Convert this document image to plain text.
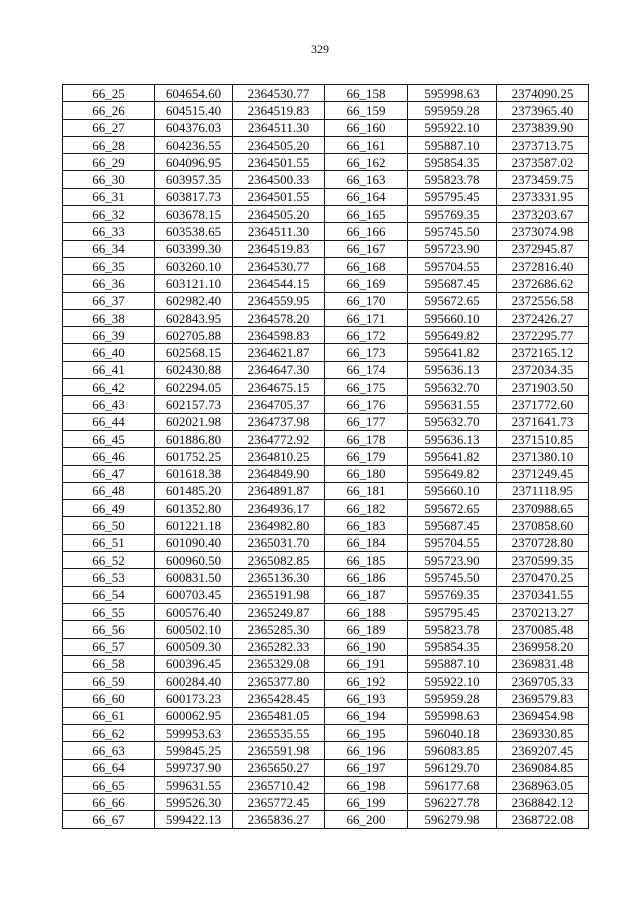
329
66_25	604654.60	2364530.77	66_158	595998.63	2374090.25
66_26	604515.40	2364519.83	66_159	595959.28	2373965.40
66_27	604376.03	2364511.30	66_160	595922.10	2373839.90
66_28	604236.55	2364505.20	66_161	595887.10	2373713.75
66_29	604096.95	2364501.55	66_162	595854.35	2373587.02
66_30	603957.35	2364500.33	66_163	595823.78	2373459.75
66_31	603817.73	2364501.55	66_164	595795.45	2373331.95
66_32	603678.15	2364505.20	66_165	595769.35	2373203.67
66_33	603538.65	2364511.30	66_166	595745.50	2373074.98
66_34	603399.30	2364519.83	66_167	595723.90	2372945.87
66_35	603260.10	2364530.77	66_168	595704.55	2372816.40
66_36	603121.10	2364544.15	66_169	595687.45	2372686.62
66_37	602982.40	2364559.95	66_170	595672.65	2372556.58
66_38	602843.95	2364578.20	66_171	595660.10	2372426.27
66_39	602705.88	2364598.83	66_172	595649.82	2372295.77
66_40	602568.15	2364621.87	66_173	595641.82	2372165.12
66_41	602430.88	2364647.30	66_174	595636.13	2372034.35
66_42	602294.05	2364675.15	66_175	595632.70	2371903.50
66_43	602157.73	2364705.37	66_176	595631.55	2371772.60
66_44	602021.98	2364737.98	66_177	595632.70	2371641.73
66_45	601886.80	2364772.92	66_178	595636.13	2371510.85
66_46	601752.25	2364810.25	66_179	595641.82	2371380.10
66_47	601618.38	2364849.90	66_180	595649.82	2371249.45
66_48	601485.20	2364891.87	66_181	595660.10	2371118.95
66_49	601352.80	2364936.17	66_182	595672.65	2370988.65
66_50	601221.18	2364982.80	66_183	595687.45	2370858.60
66_51	601090.40	2365031.70	66_184	595704.55	2370728.80
66_52	600960.50	2365082.85	66_185	595723.90	2370599.35
66_53	600831.50	2365136.30	66_186	595745.50	2370470.25
66_54	600703.45	2365191.98	66_187	595769.35	2370341.55
66_55	600576.40	2365249.87	66_188	595795.45	2370213.27
66_56	600502.10	2365285.30	66_189	595823.78	2370085.48
66_57	600509.30	2365282.33	66_190	595854.35	2369958.20
66_58	600396.45	2365329.08	66_191	595887.10	2369831.48
66_59	600284.40	2365377.80	66_192	595922.10	2369705.33
66_60	600173.23	2365428.45	66_193	595959.28	2369579.83
66_61	600062.95	2365481.05	66_194	595998.63	2369454.98
66_62	599953.63	2365535.55	66_195	596040.18	2369330.85
66_63	599845.25	2365591.98	66_196	596083.85	2369207.45
66_64	599737.90	2365650.27	66_197	596129.70	2369084.85
66_65	599631.55	2365710.42	66_198	596177.68	2368963.05
66_66	599526.30	2365772.45	66_199	596227.78	2368842.12
66_67	599422.13	2365836.27	66_200	596279.98	2368722.08
